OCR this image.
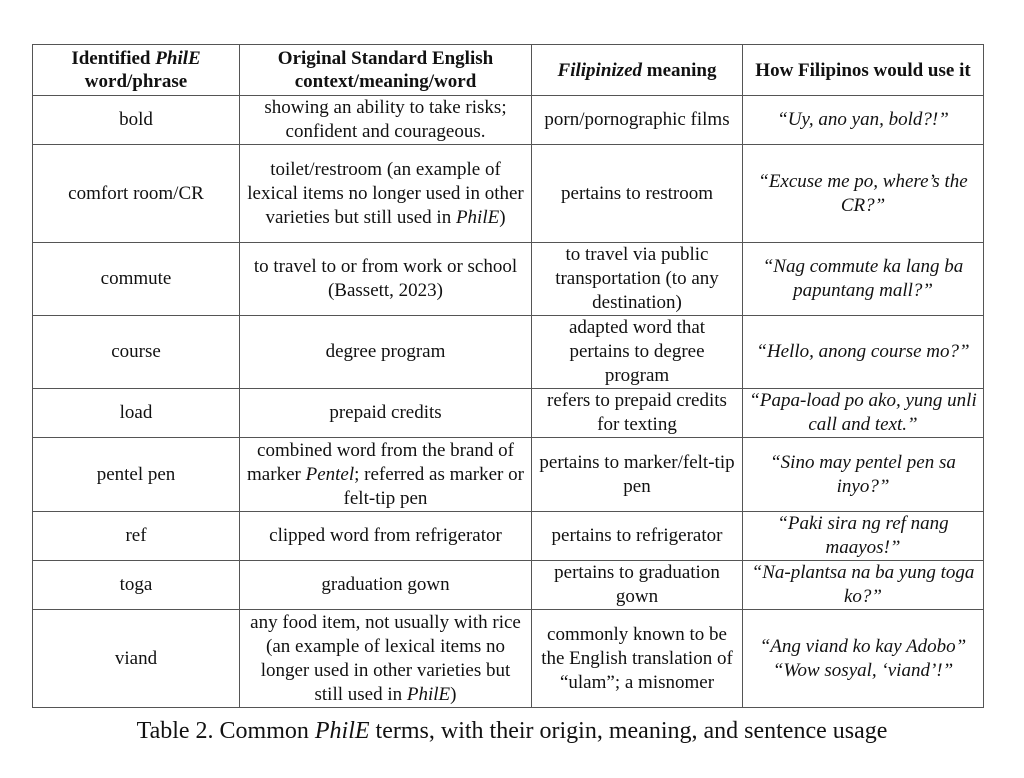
Identified PhilE word/phrase	Original Standard English context/meaning/word	Filipinized meaning	How Filipinos would use it
bold	showing an ability to take risks; confident and courageous.	porn/pornographic films	“Uy, ano yan, bold?!”
comfort room/CR	toilet/restroom (an example of lexical items no longer used in other varieties but still used in PhilE)	pertains to restroom	“Excuse me po, where’s the CR?”
commute	to travel to or from work or school (Bassett, 2023)	to travel via public transportation (to any destination)	“Nag commute ka lang ba papuntang mall?”
course	degree program	adapted word that pertains to degree program	“Hello, anong course mo?”
load	prepaid credits	refers to prepaid credits for texting	“Papa-load po ako, yung unli call and text.”
pentel pen	combined word from the brand of marker Pentel; referred as marker or felt-tip pen	pertains to marker/felt-tip pen	“Sino may pentel pen sa inyo?”
ref	clipped word from refrigerator	pertains to refrigerator	“Paki sira ng ref nang maayos!”
toga	graduation gown	pertains to graduation gown	“Na-plantsa na ba yung toga ko?”
viand	any food item, not usually with rice (an example of lexical items no longer used in other varieties but still used in PhilE)	commonly known to be the English translation of “ulam”; a misnomer	“Ang viand ko kay Adobo”
“Wow sosyal, ‘viand’!”
Table 2. Common PhilE terms, with their origin, meaning, and sentence usage
